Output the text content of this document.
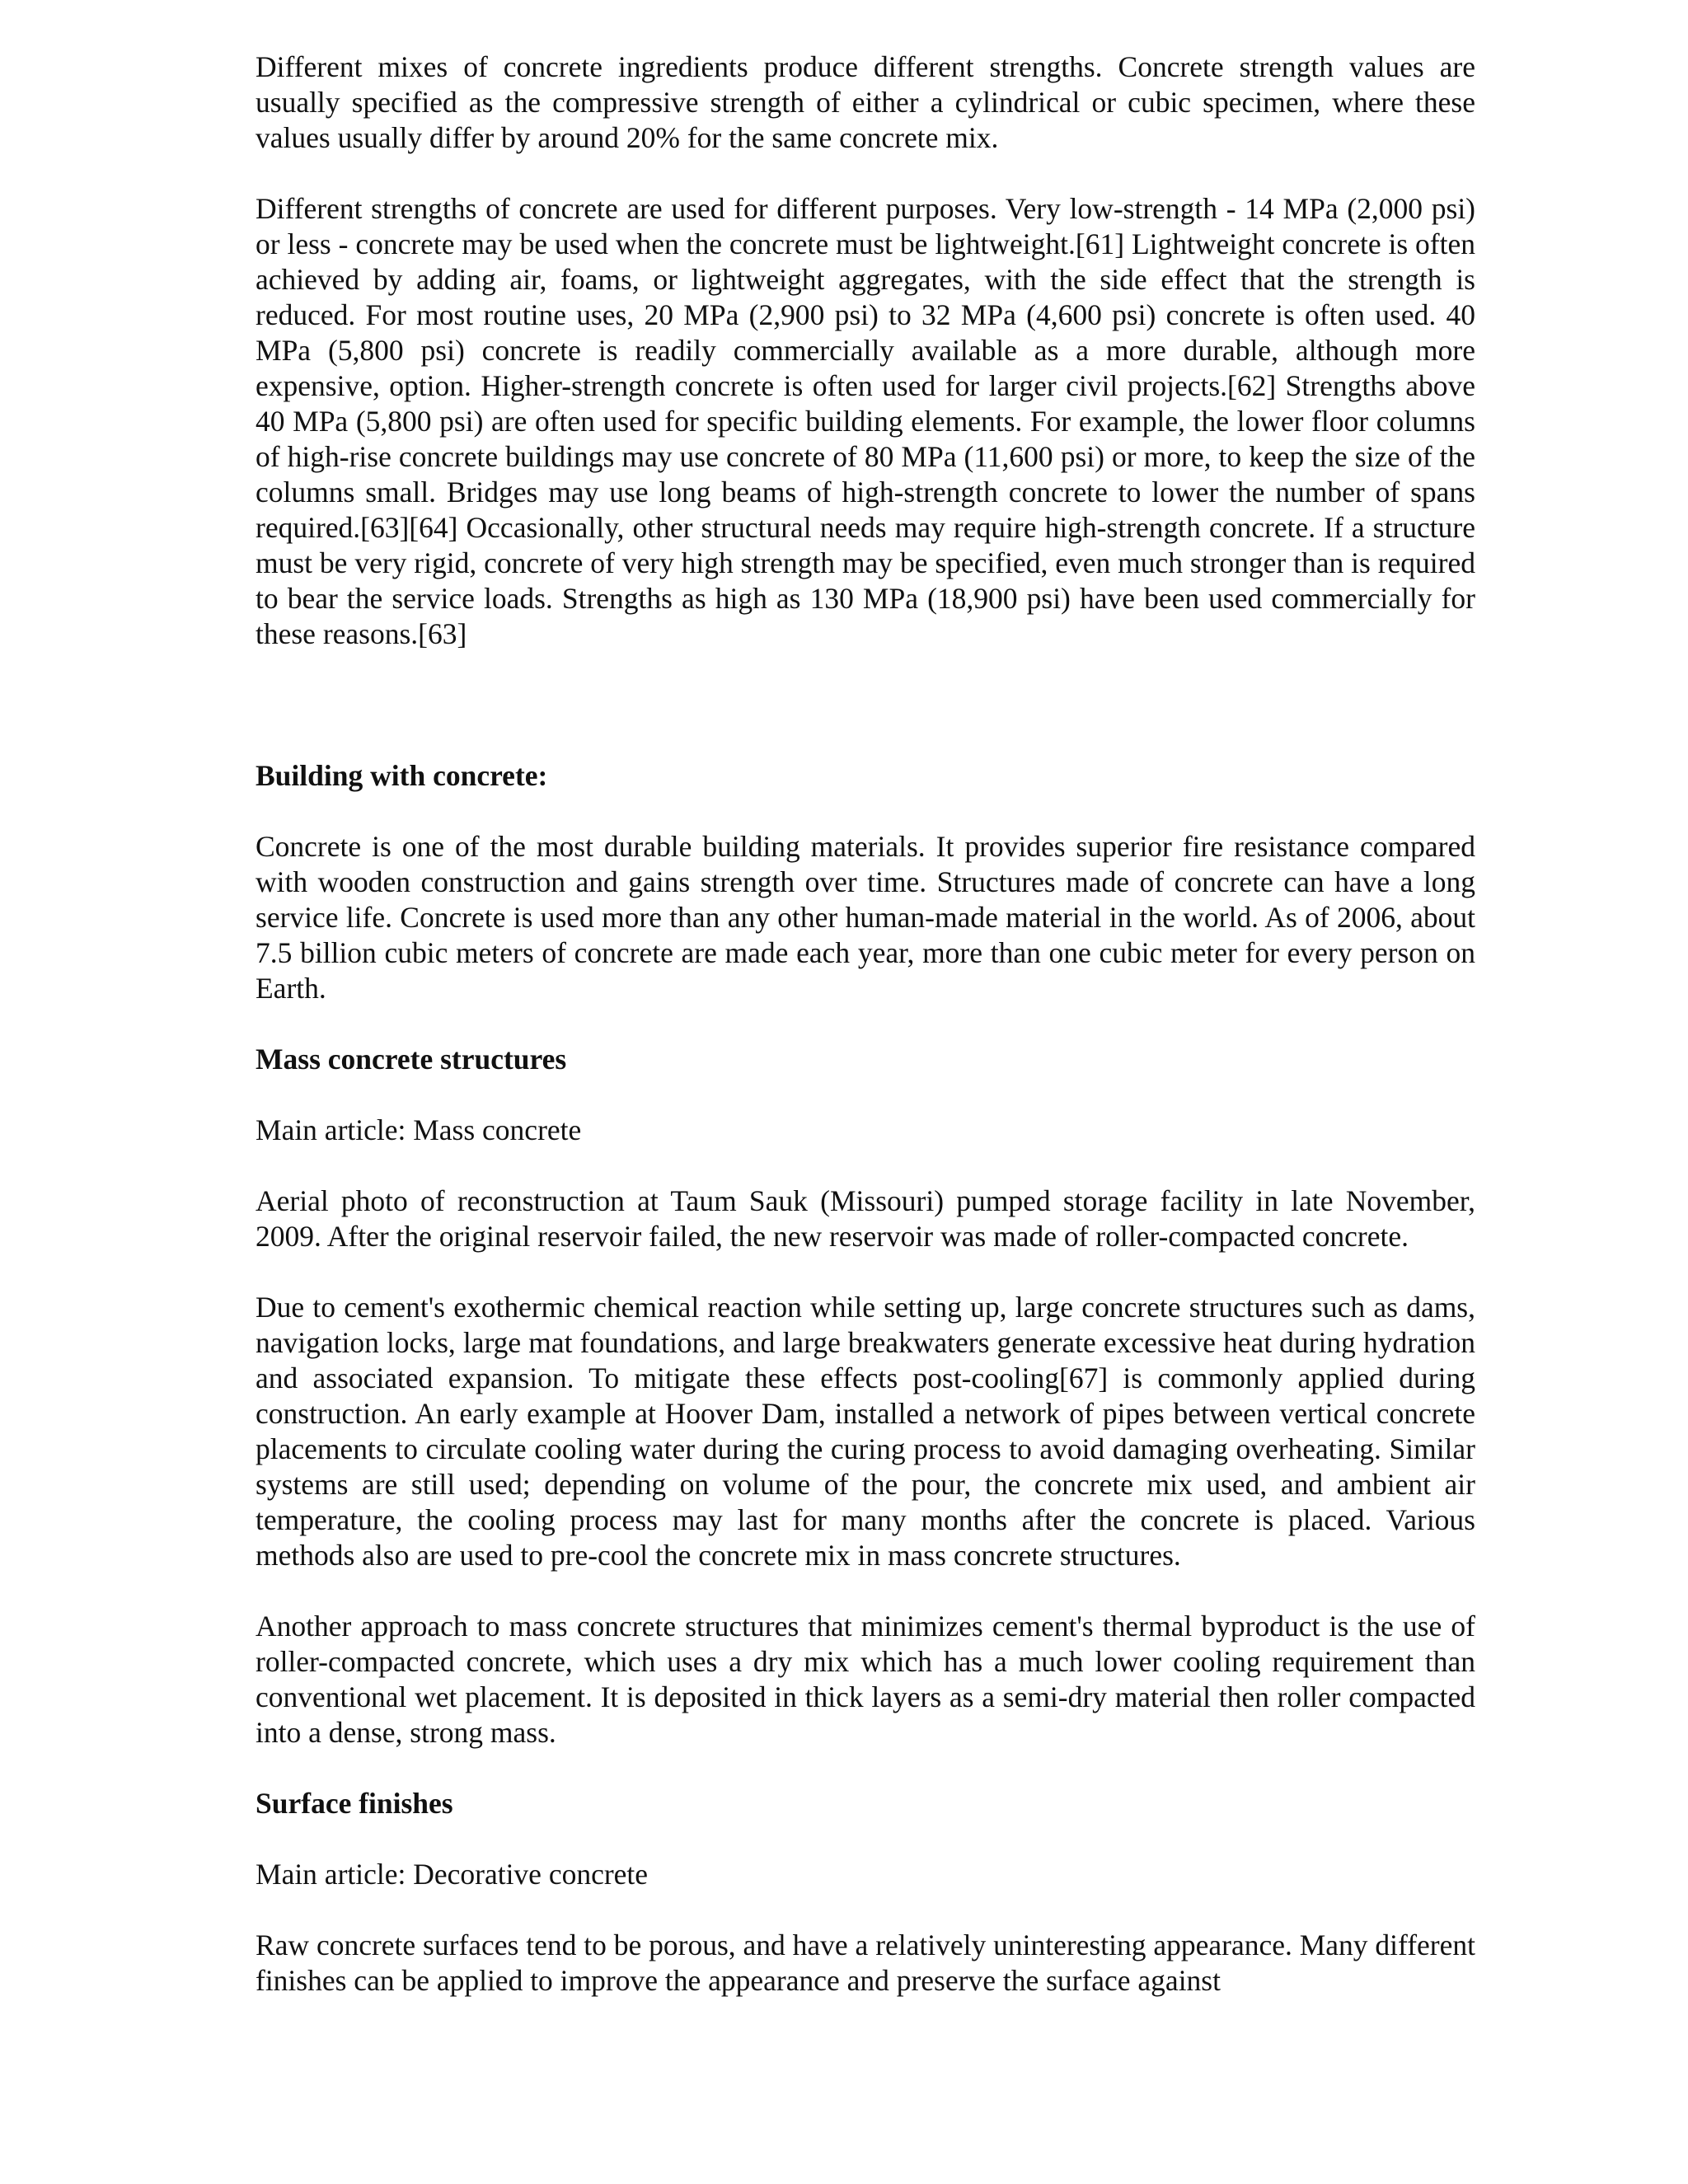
Different mixes of concrete ingredients produce different strengths. Concrete strength values are usually specified as the compressive strength of either a cylindrical or cubic specimen, where these values usually differ by around 20% for the same concrete mix.

Different strengths of concrete are used for different purposes. Very low-strength - 14 MPa (2,000 psi) or less - concrete may be used when the concrete must be lightweight.[61] Lightweight concrete is often achieved by adding air, foams, or lightweight aggregates, with the side effect that the strength is reduced. For most routine uses, 20 MPa (2,900 psi) to 32 MPa (4,600 psi) concrete is often used. 40 MPa (5,800 psi) concrete is readily commercially available as a more durable, although more expensive, option. Higher-strength concrete is often used for larger civil projects.[62] Strengths above 40 MPa (5,800 psi) are often used for specific building elements. For example, the lower floor columns of high-rise concrete buildings may use concrete of 80 MPa (11,600 psi) or more, to keep the size of the columns small. Bridges may use long beams of high-strength concrete to lower the number of spans required.[63][64] Occasionally, other structural needs may require high-strength concrete. If a structure must be very rigid, concrete of very high strength may be specified, even much stronger than is required to bear the service loads. Strengths as high as 130 MPa (18,900 psi) have been used commercially for these reasons.[63]

Building with concrete:

Concrete is one of the most durable building materials. It provides superior fire resistance compared with wooden construction and gains strength over time. Structures made of concrete can have a long service life. Concrete is used more than any other human-made material in the world. As of 2006, about 7.5 billion cubic meters of concrete are made each year, more than one cubic meter for every person on Earth.

Mass concrete structures

Main article: Mass concrete

Aerial photo of reconstruction at Taum Sauk (Missouri) pumped storage facility in late November, 2009. After the original reservoir failed, the new reservoir was made of roller-compacted concrete.

Due to cement's exothermic chemical reaction while setting up, large concrete structures such as dams, navigation locks, large mat foundations, and large breakwaters generate excessive heat during hydration and associated expansion. To mitigate these effects post-cooling[67] is commonly applied during construction. An early example at Hoover Dam, installed a network of pipes between vertical concrete placements to circulate cooling water during the curing process to avoid damaging overheating. Similar systems are still used; depending on volume of the pour, the concrete mix used, and ambient air temperature, the cooling process may last for many months after the concrete is placed. Various methods also are used to pre-cool the concrete mix in mass concrete structures.

Another approach to mass concrete structures that minimizes cement's thermal byproduct is the use of roller-compacted concrete, which uses a dry mix which has a much lower cooling requirement than conventional wet placement. It is deposited in thick layers as a semi-dry material then roller compacted into a dense, strong mass.

Surface finishes

Main article: Decorative concrete

Raw concrete surfaces tend to be porous, and have a relatively uninteresting appearance. Many different finishes can be applied to improve the appearance and preserve the surface against
